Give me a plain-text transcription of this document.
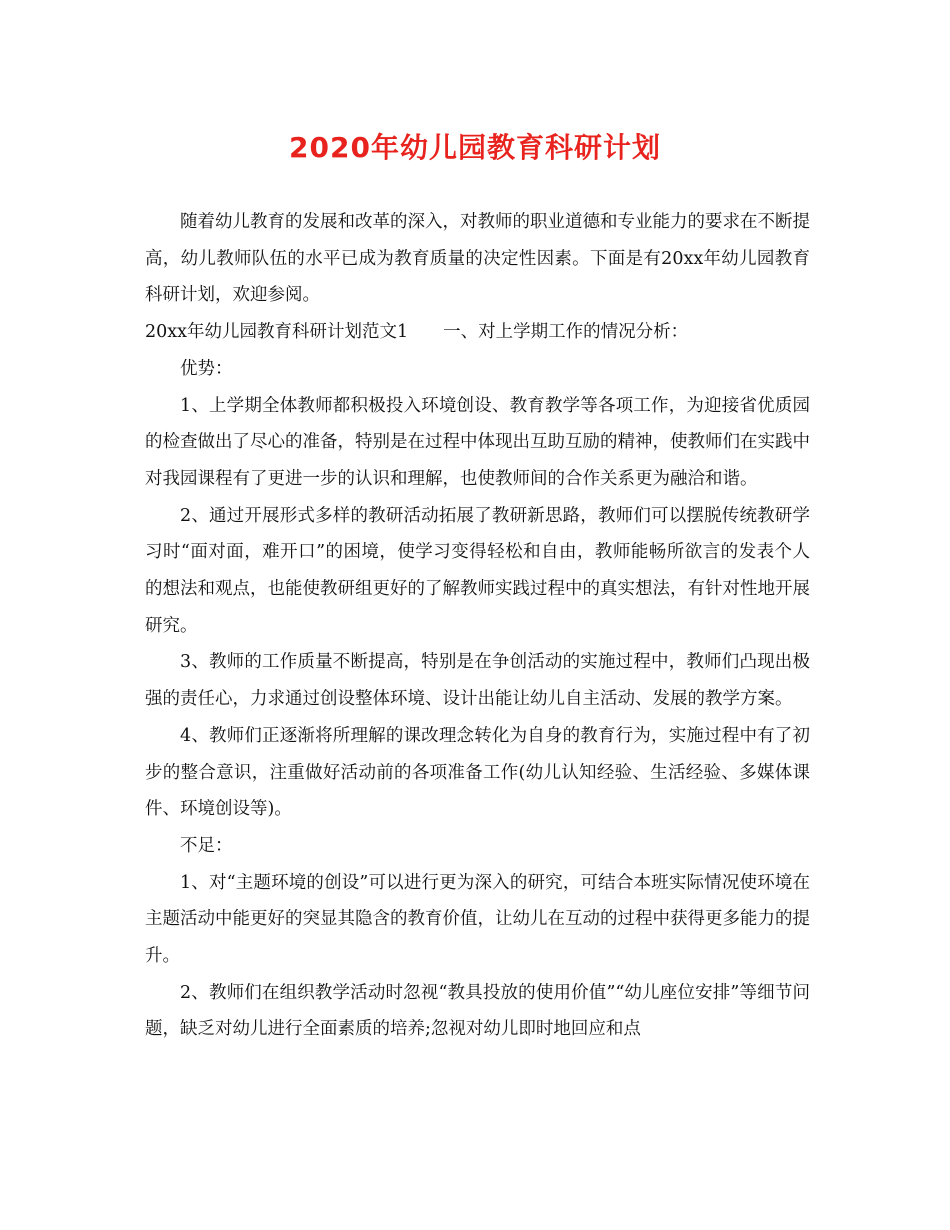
2020年幼儿园教育科研计划

随着幼儿教育的发展和改革的深入，对教师的职业道德和专业能力的要求在不断提高，幼儿教师队伍的水平已成为教育质量的决定性因素。下面是有20xx年幼儿园教育科研计划，欢迎参阅。

20xx年幼儿园教育科研计划范文1　　一、对上学期工作的情况分析：

优势：

1、上学期全体教师都积极投入环境创设、教育教学等各项工作，为迎接省优质园的检查做出了尽心的准备，特别是在过程中体现出互助互励的精神，使教师们在实践中对我园课程有了更进一步的认识和理解，也使教师间的合作关系更为融洽和谐。

2、通过开展形式多样的教研活动拓展了教研新思路，教师们可以摆脱传统教研学习时“面对面，难开口”的困境，使学习变得轻松和自由，教师能畅所欲言的发表个人的想法和观点，也能使教研组更好的了解教师实践过程中的真实想法，有针对性地开展研究。

3、教师的工作质量不断提高，特别是在争创活动的实施过程中，教师们凸现出极强的责任心，力求通过创设整体环境、设计出能让幼儿自主活动、发展的教学方案。

4、教师们正逐渐将所理解的课改理念转化为自身的教育行为，实施过程中有了初步的整合意识，注重做好活动前的各项准备工作(幼儿认知经验、生活经验、多媒体课件、环境创设等)。

不足：

1、对“主题环境的创设”可以进行更为深入的研究，可结合本班实际情况使环境在主题活动中能更好的突显其隐含的教育价值，让幼儿在互动的过程中获得更多能力的提升。

2、教师们在组织教学活动时忽视“教具投放的使用价值”“幼儿座位安排”等细节问题，缺乏对幼儿进行全面素质的培养;忽视对幼儿即时地回应和点
